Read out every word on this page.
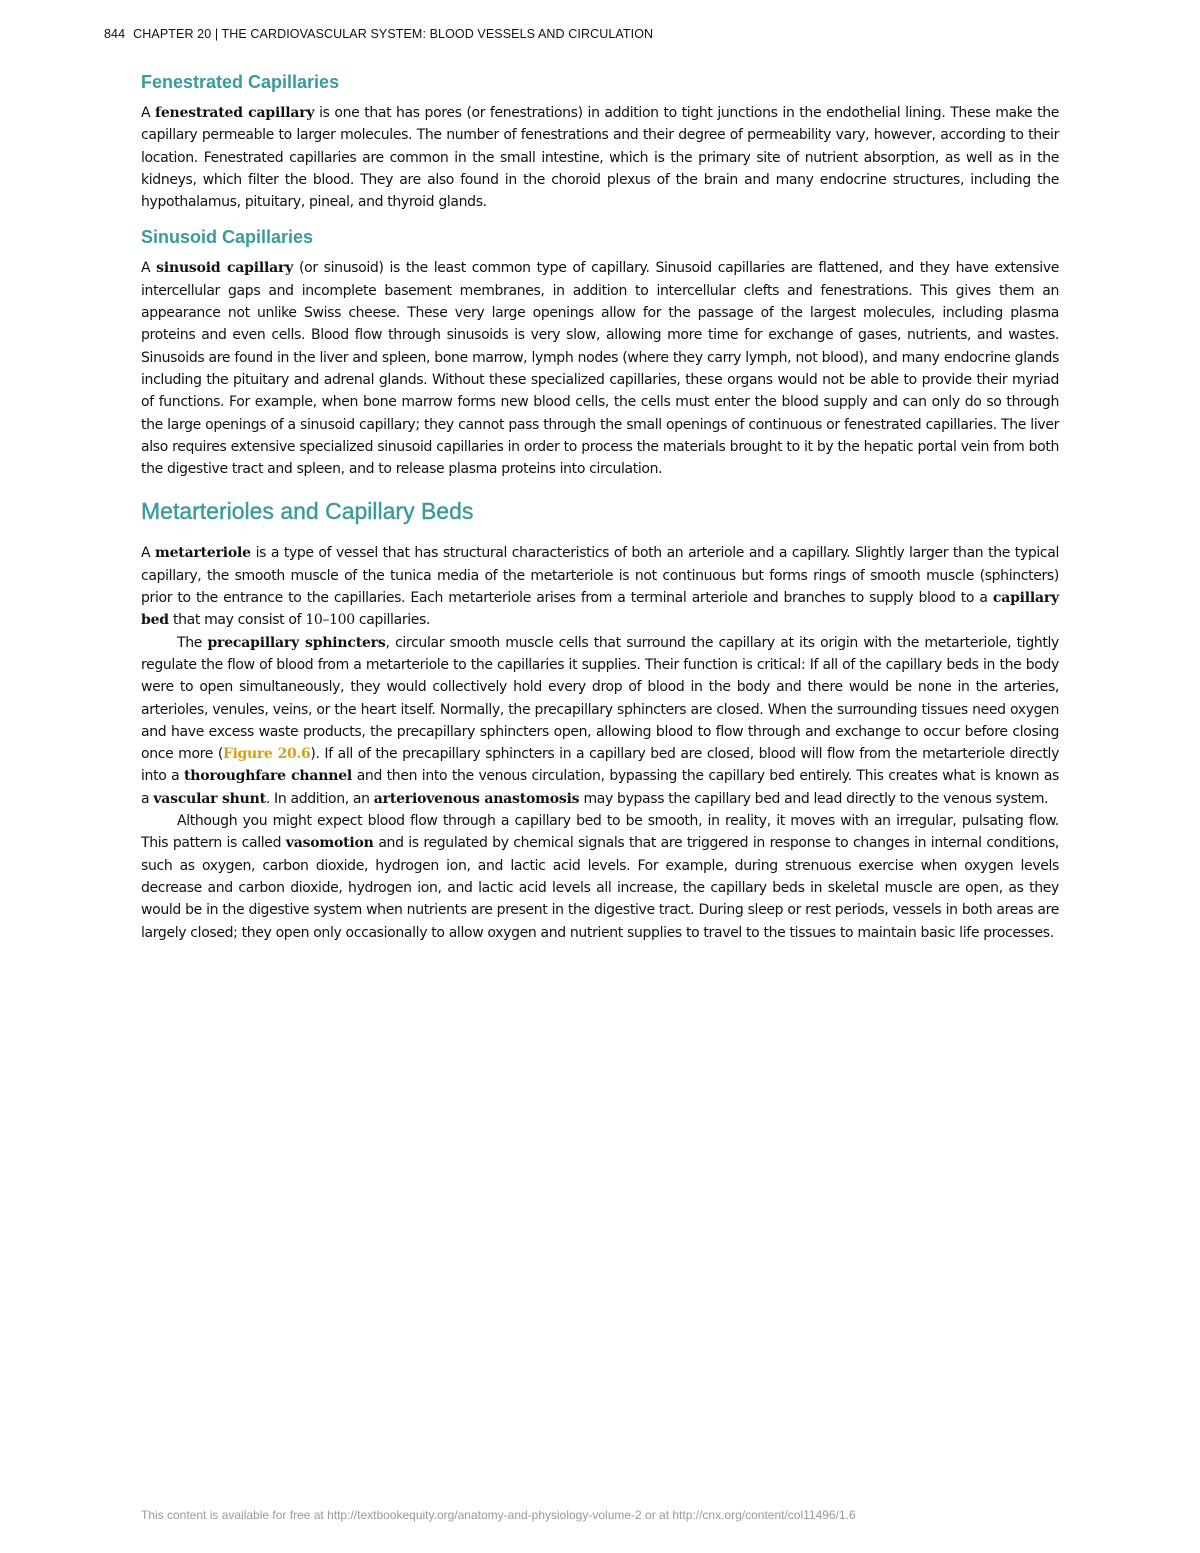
844 CHAPTER 20 | THE CARDIOVASCULAR SYSTEM: BLOOD VESSELS AND CIRCULATION
Fenestrated Capillaries

A fenestrated capillary is one that has pores (or fenestrations) in addition to tight junctions in the endothelial lining. These make the capillary permeable to larger molecules. The number of fenestrations and their degree of permeability vary, however, according to their location. Fenestrated capillaries are common in the small intestine, which is the primary site of nutrient absorption, as well as in the kidneys, which filter the blood. They are also found in the choroid plexus of the brain and many endocrine structures, including the hypothalamus, pituitary, pineal, and thyroid glands.

Sinusoid Capillaries

A sinusoid capillary (or sinusoid) is the least common type of capillary. Sinusoid capillaries are flattened, and they have extensive intercellular gaps and incomplete basement membranes, in addition to intercellular clefts and fenestrations. This gives them an appearance not unlike Swiss cheese. These very large openings allow for the passage of the largest molecules, including plasma proteins and even cells. Blood flow through sinusoids is very slow, allowing more time for exchange of gases, nutrients, and wastes. Sinusoids are found in the liver and spleen, bone marrow, lymph nodes (where they carry lymph, not blood), and many endocrine glands including the pituitary and adrenal glands. Without these specialized capillaries, these organs would not be able to provide their myriad of functions. For example, when bone marrow forms new blood cells, the cells must enter the blood supply and can only do so through the large openings of a sinusoid capillary; they cannot pass through the small openings of continuous or fenestrated capillaries. The liver also requires extensive specialized sinusoid capillaries in order to process the materials brought to it by the hepatic portal vein from both the digestive tract and spleen, and to release plasma proteins into circulation.

Metarterioles and Capillary Beds

A metarteriole is a type of vessel that has structural characteristics of both an arteriole and a capillary. Slightly larger than the typical capillary, the smooth muscle of the tunica media of the metarteriole is not continuous but forms rings of smooth muscle (sphincters) prior to the entrance to the capillaries. Each metarteriole arises from a terminal arteriole and branches to supply blood to a capillary bed that may consist of 10–100 capillaries.

The precapillary sphincters, circular smooth muscle cells that surround the capillary at its origin with the metarteriole, tightly regulate the flow of blood from a metarteriole to the capillaries it supplies. Their function is critical: If all of the capillary beds in the body were to open simultaneously, they would collectively hold every drop of blood in the body and there would be none in the arteries, arterioles, venules, veins, or the heart itself. Normally, the precapillary sphincters are closed. When the surrounding tissues need oxygen and have excess waste products, the precapillary sphincters open, allowing blood to flow through and exchange to occur before closing once more (Figure 20.6). If all of the precapillary sphincters in a capillary bed are closed, blood will flow from the metarteriole directly into a thoroughfare channel and then into the venous circulation, bypassing the capillary bed entirely. This creates what is known as a vascular shunt. In addition, an arteriovenous anastomosis may bypass the capillary bed and lead directly to the venous system.

Although you might expect blood flow through a capillary bed to be smooth, in reality, it moves with an irregular, pulsating flow. This pattern is called vasomotion and is regulated by chemical signals that are triggered in response to changes in internal conditions, such as oxygen, carbon dioxide, hydrogen ion, and lactic acid levels. For example, during strenuous exercise when oxygen levels decrease and carbon dioxide, hydrogen ion, and lactic acid levels all increase, the capillary beds in skeletal muscle are open, as they would be in the digestive system when nutrients are present in the digestive tract. During sleep or rest periods, vessels in both areas are largely closed; they open only occasionally to allow oxygen and nutrient supplies to travel to the tissues to maintain basic life processes.

This content is available for free at http://textbookequity.org/anatomy-and-physiology-volume-2 or at http://cnx.org/content/col11496/1.6
